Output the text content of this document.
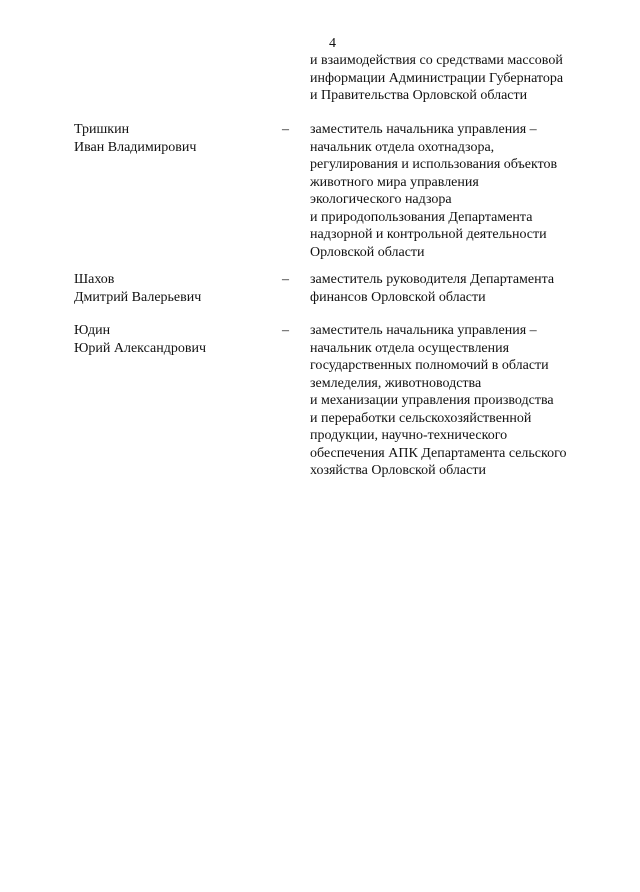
4
и взаимодействия со средствами массовой
информации Администрации Губернатора
и Правительства Орловской области
Тришкин
Иван Владимирович
–	заместитель начальника управления –
начальник отдела охотнадзора,
регулирования и использования объектов
животного мира управления
экологического надзора
и природопользования Департамента
надзорной и контрольной деятельности
Орловской области
Шахов
Дмитрий Валерьевич
–	заместитель руководителя Департамента
финансов Орловской области
Юдин
Юрий Александрович
–	заместитель начальника управления –
начальник отдела осуществления
государственных полномочий в области
земледелия, животноводства
и механизации управления производства
и переработки сельскохозяйственной
продукции, научно-технического
обеспечения АПК Департамента сельского
хозяйства Орловской области
